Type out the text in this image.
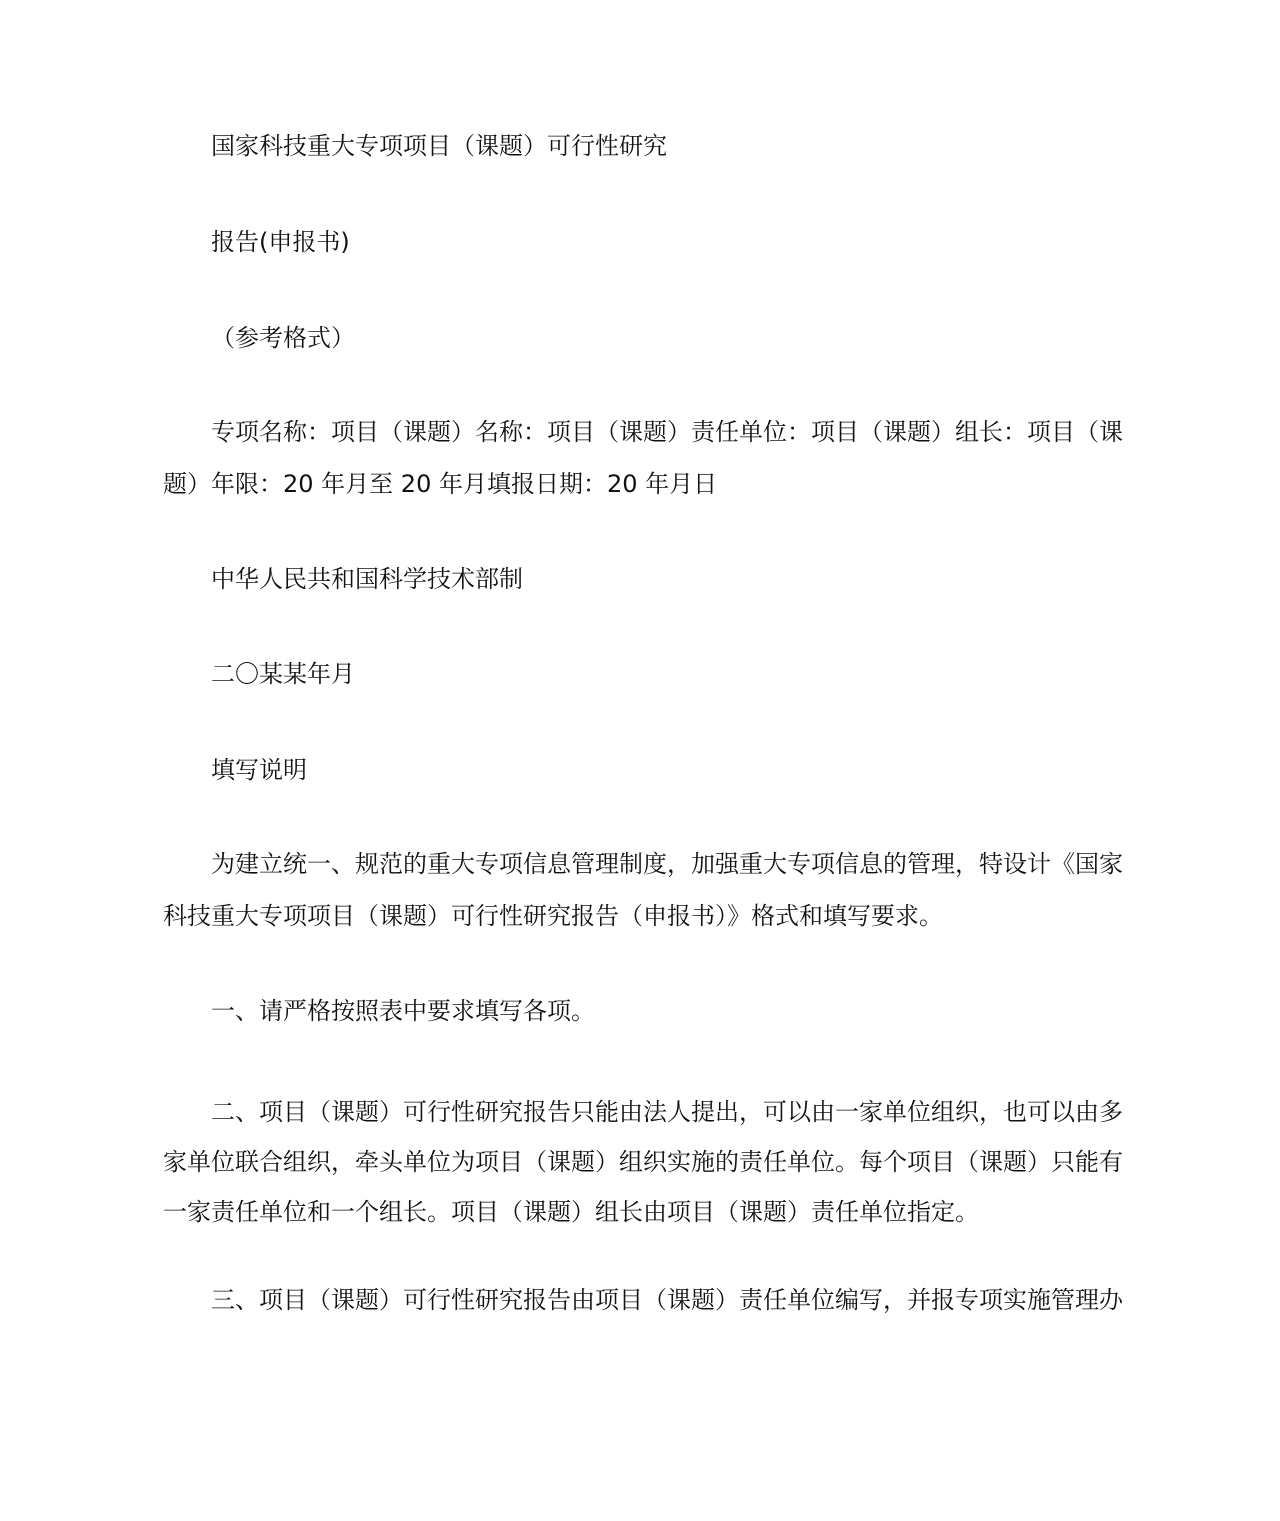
国家科技重大专项项目（课题）可行性研究

报告(申报书)

（参考格式）

专项名称：项目（课题）名称：项目（课题）责任单位：项目（课题）组长：项目（课题）年限：20 年月至 20 年月填报日期：20 年月日

中华人民共和国科学技术部制

二〇某某年月

填写说明

为建立统一、规范的重大专项信息管理制度，加强重大专项信息的管理，特设计《国家科技重大专项项目（课题）可行性研究报告（申报书）》格式和填写要求。

一、请严格按照表中要求填写各项。

二、项目（课题）可行性研究报告只能由法人提出，可以由一家单位组织，也可以由多家单位联合组织，牵头单位为项目（课题）组织实施的责任单位。每个项目（课题）只能有一家责任单位和一个组长。项目（课题）组长由项目（课题）责任单位指定。

三、项目（课题）可行性研究报告由项目（课题）责任单位编写，并报专项实施管理办
